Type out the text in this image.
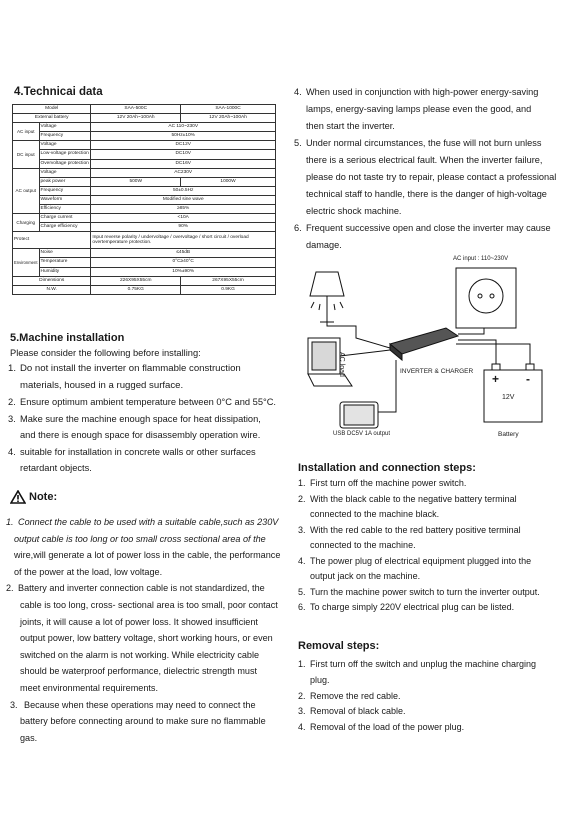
4.Technicai data
Model		SAA-500C	SAA-1000C
External battery		12V 20Ah~100Ah	12V 20Ah~100Ah
AC input	Voltage	AC 110~230V	
	Frequency	50Hz±10%	
DC input	Voltage	DC12V	
	Low-voltage protection	DC10V	
	Overvoltage protection	DC16V	
AC output	Voltage	AC230V	
	peak power	500W	1000W
	Frequency	50±0.5Hz	
	Waveform	Modified sine wave	
	Efficiency	≥85%	
Charging	Charge current	<10A	
	Charge efficiency	90%	
Protect		Input reverse polarity / undervoltage / overvoltage / short circuit / overload overtemperature protection.	
Environment	Noise	≤45dB	
	Temperature	0°C≥40°C	
	Humidity	10%±90%	
Dimensions		226X95X55cm	267X95X55cm
N.W.		0.75KG	0.9KG
5.Machine installation
Please consider the following before installing:
1. Do not install the inverter on flammable construction
materials, housed in a rugged surface.
2. Ensure optimum ambient temperature between 0°C and 55°C.
3. Make sure the machine enough space for heat dissipation,
and there is enough space for disassembly operation wire.
4. suitable for installation in concrete walls or other surfaces
retardant objects.
Note:
1. Connect the cable to be used with a suitable cable,such as 230V
output cable is too long or too small cross sectional area of the
wire,will generate a lot of power loss in the cable, the performance
of the power at the load, low voltage.
2. Battery and inverter connection cable is not standardized, the
cable is too long, cross- sectional area is too small, poor contact
joints, it will cause a lot of power loss. It showed insufficient
output power, low battery voltage, short working hours, or even
switched on the alarm is not working. While electricity cable
should be waterproof performance, dielectric strength must
meet environmental requirements.
3. Because when these operations may need to connect the
battery before connecting around to make sure no flammable
gas.
4. When used in conjunction with high-power energy-saving
lamps, energy-saving lamps please even the good, and
then start the inverter.
5. Under normal circumstances, the fuse will not burn unless
there is a serious electrical fault. When the inverter failure,
please do not taste try to repair, please contact a professional
technical staff to handle, there is the danger of high-voltage
electric shock machine.
6. Frequent successive open and close the inverter may cause
damage.
AC input : 110~230V
AC load	INVERTER & CHARGER
USB DC5V 1A output
+ -
12V
Battery
Installation and connection steps:
1. First turn off the machine power switch.
2. With the black cable to the negative battery terminal
connected to the machine black.
3. With the red cable to the red battery positive terminal
connected to the machine.
4. The power plug of electrical equipment plugged into the
output jack on the machine.
5. Turn the machine power switch to turn the inverter output.
6. To charge simply 220V electrical plug can be listed.
Removal steps:
1. First turn off the switch and unplug the machine charging
plug.
2. Remove the red cable.
3. Removal of black cable.
4. Removal of the load of the power plug.
